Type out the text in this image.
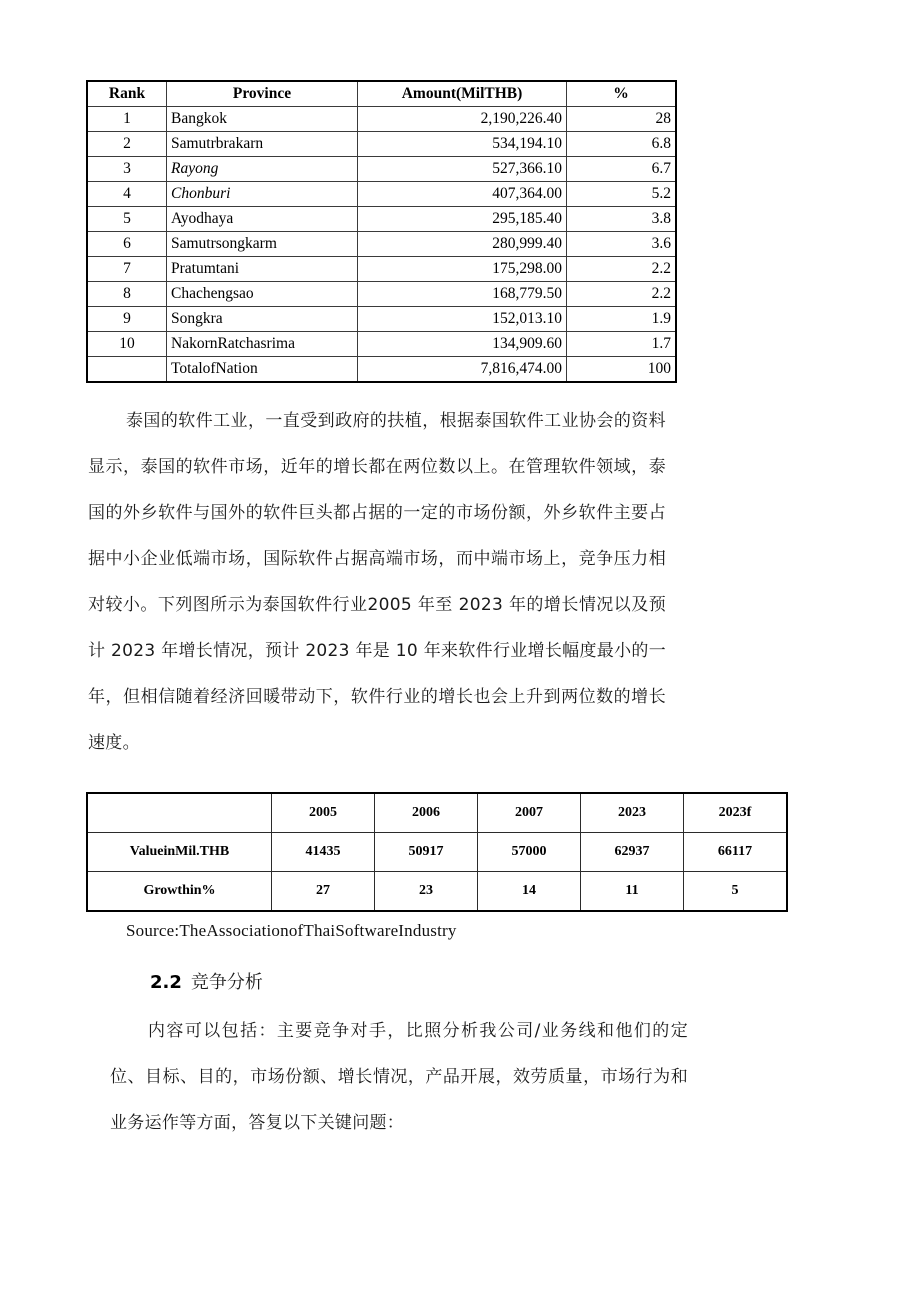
Rank	Province	Amount(MilTHB)	%
1	Bangkok	2,190,226.40	28
2	Samutrbrakarn	534,194.10	6.8
3	Rayong	527,366.10	6.7
4	Chonburi	407,364.00	5.2
5	Ayodhaya	295,185.40	3.8
6	Samutrsongkarm	280,999.40	3.6
7	Pratumtani	175,298.00	2.2
8	Chachengsao	168,779.50	2.2
9	Songkra	152,013.10	1.9
10	NakornRatchasrima	134,909.60	1.7
	TotalofNation	7,816,474.00	100
泰国的软件工业，一直受到政府的扶植，根据泰国软件工业协会的资料显示，泰国的软件市场，近年的增长都在两位数以上。在管理软件领域，泰国的外乡软件与国外的软件巨头都占据的一定的市场份额，外乡软件主要占据中小企业低端市场，国际软件占据高端市场，而中端市场上，竞争压力相对较小。下列图所示为泰国软件行业2005 年至 2023 年的增长情况以及预计 2023 年增长情况，预计 2023 年是 10 年来软件行业增长幅度最小的一年，但相信随着经济回暖带动下，软件行业的增长也会上升到两位数的增长速度。
	2005	2006	2007	2023	2023f
ValueinMil.THB	41435	50917	57000	62937	66117
Growthin%	27	23	14	11	5
Source:TheAssociationofThaiSoftwareIndustry
2.2 竞争分析
内容可以包括：主要竞争对手，比照分析我公司/业务线和他们的定位、目标、目的，市场份额、增长情况，产品开展，效劳质量，市场行为和业务运作等方面，答复以下关键问题：
